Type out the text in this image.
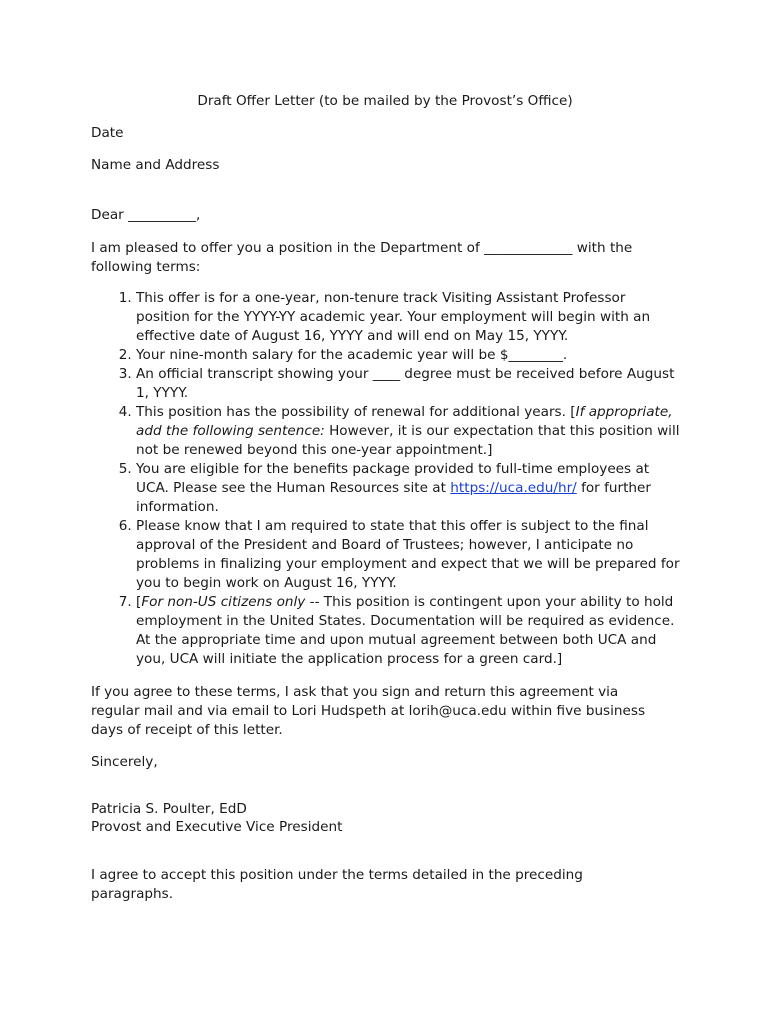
Draft Offer Letter (to be mailed by the Provost’s Office)

Date

Name and Address

Dear __________,

I am pleased to offer you a position in the Department of _____________ with the following terms:

1. This offer is for a one-year, non-tenure track Visiting Assistant Professor position for the YYYY-YY academic year. Your employment will begin with an effective date of August 16, YYYY and will end on May 15, YYYY.
2. Your nine-month salary for the academic year will be $________.
3. An official transcript showing your ____ degree must be received before August 1, YYYY.
4. This position has the possibility of renewal for additional years. [If appropriate, add the following sentence: However, it is our expectation that this position will not be renewed beyond this one-year appointment.]
5. You are eligible for the benefits package provided to full-time employees at UCA. Please see the Human Resources site at https://uca.edu/hr/ for further information.
6. Please know that I am required to state that this offer is subject to the final approval of the President and Board of Trustees; however, I anticipate no problems in finalizing your employment and expect that we will be prepared for you to begin work on August 16, YYYY.
7. [For non-US citizens only -- This position is contingent upon your ability to hold employment in the United States. Documentation will be required as evidence. At the appropriate time and upon mutual agreement between both UCA and you, UCA will initiate the application process for a green card.]

If you agree to these terms, I ask that you sign and return this agreement via regular mail and via email to Lori Hudspeth at lorih@uca.edu within five business days of receipt of this letter.

Sincerely,

Patricia S. Poulter, EdD

Provost and Executive Vice President

I agree to accept this position under the terms detailed in the preceding paragraphs.
